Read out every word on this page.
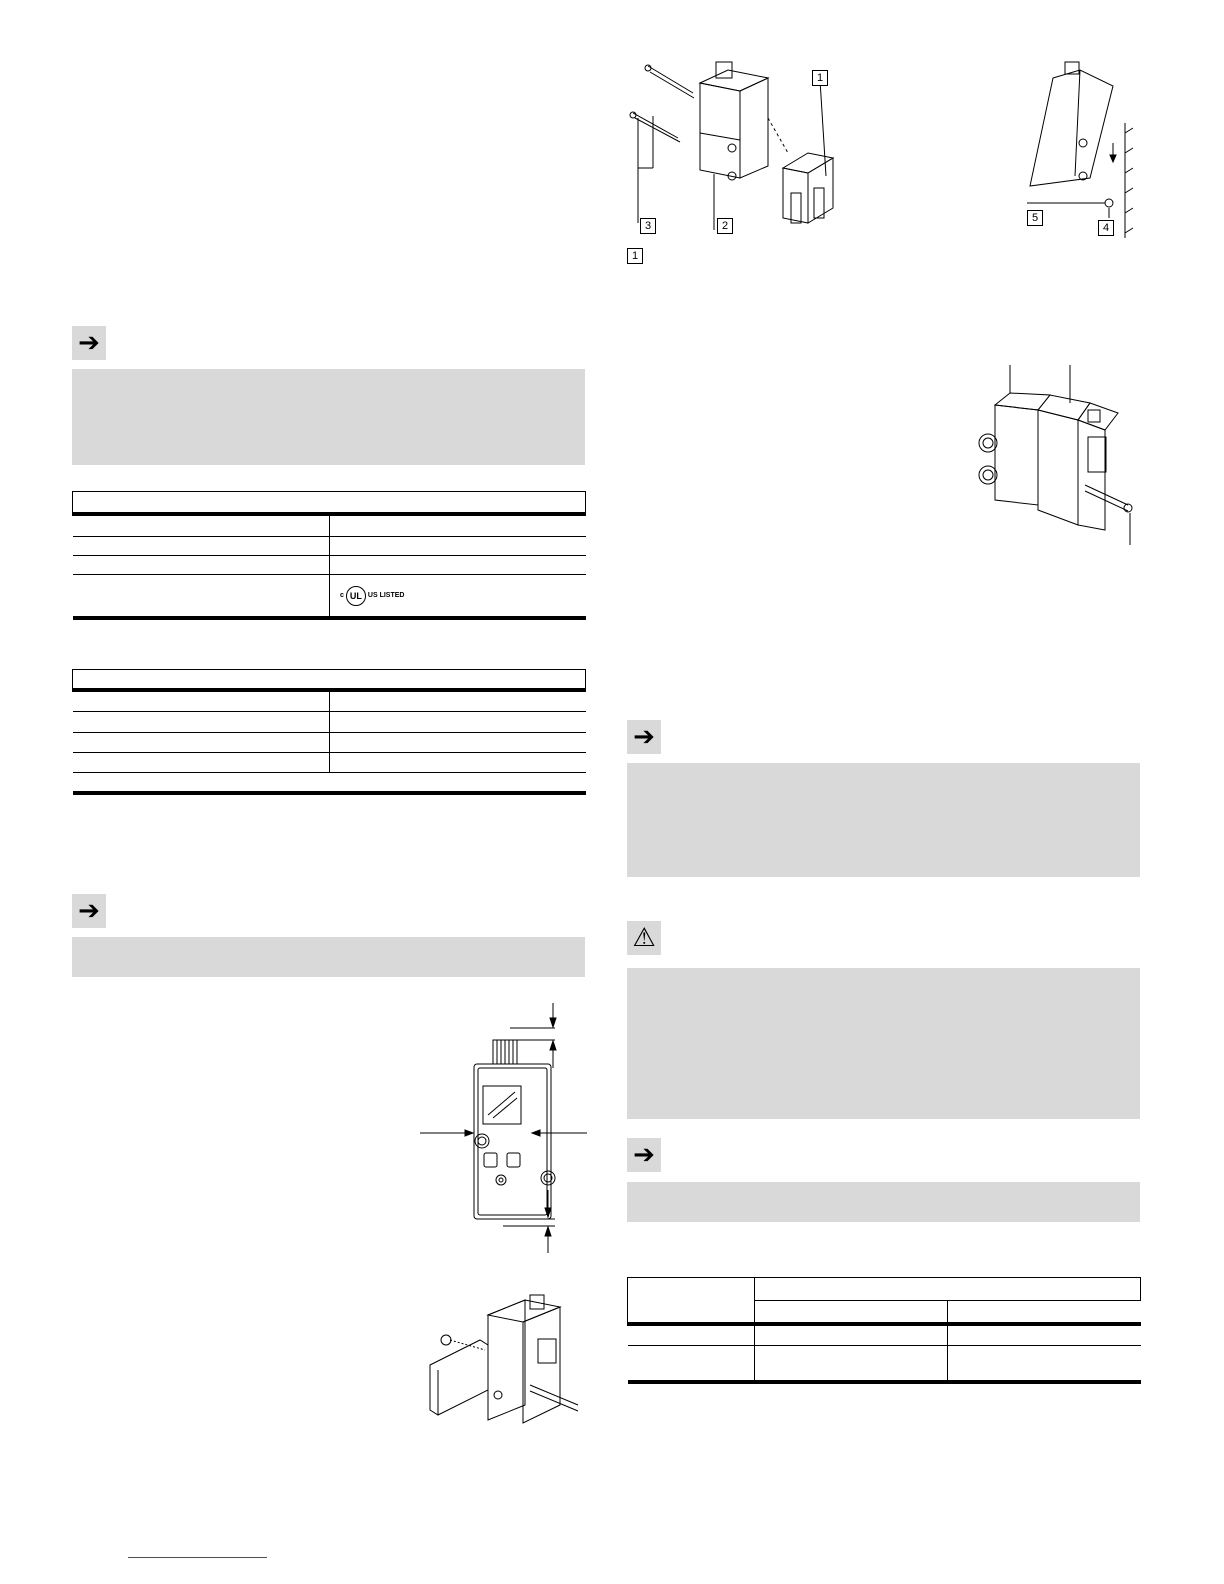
➔

	c UL US LISTED

➔
1
3	2
1
5
4
➔
⚠
➔
